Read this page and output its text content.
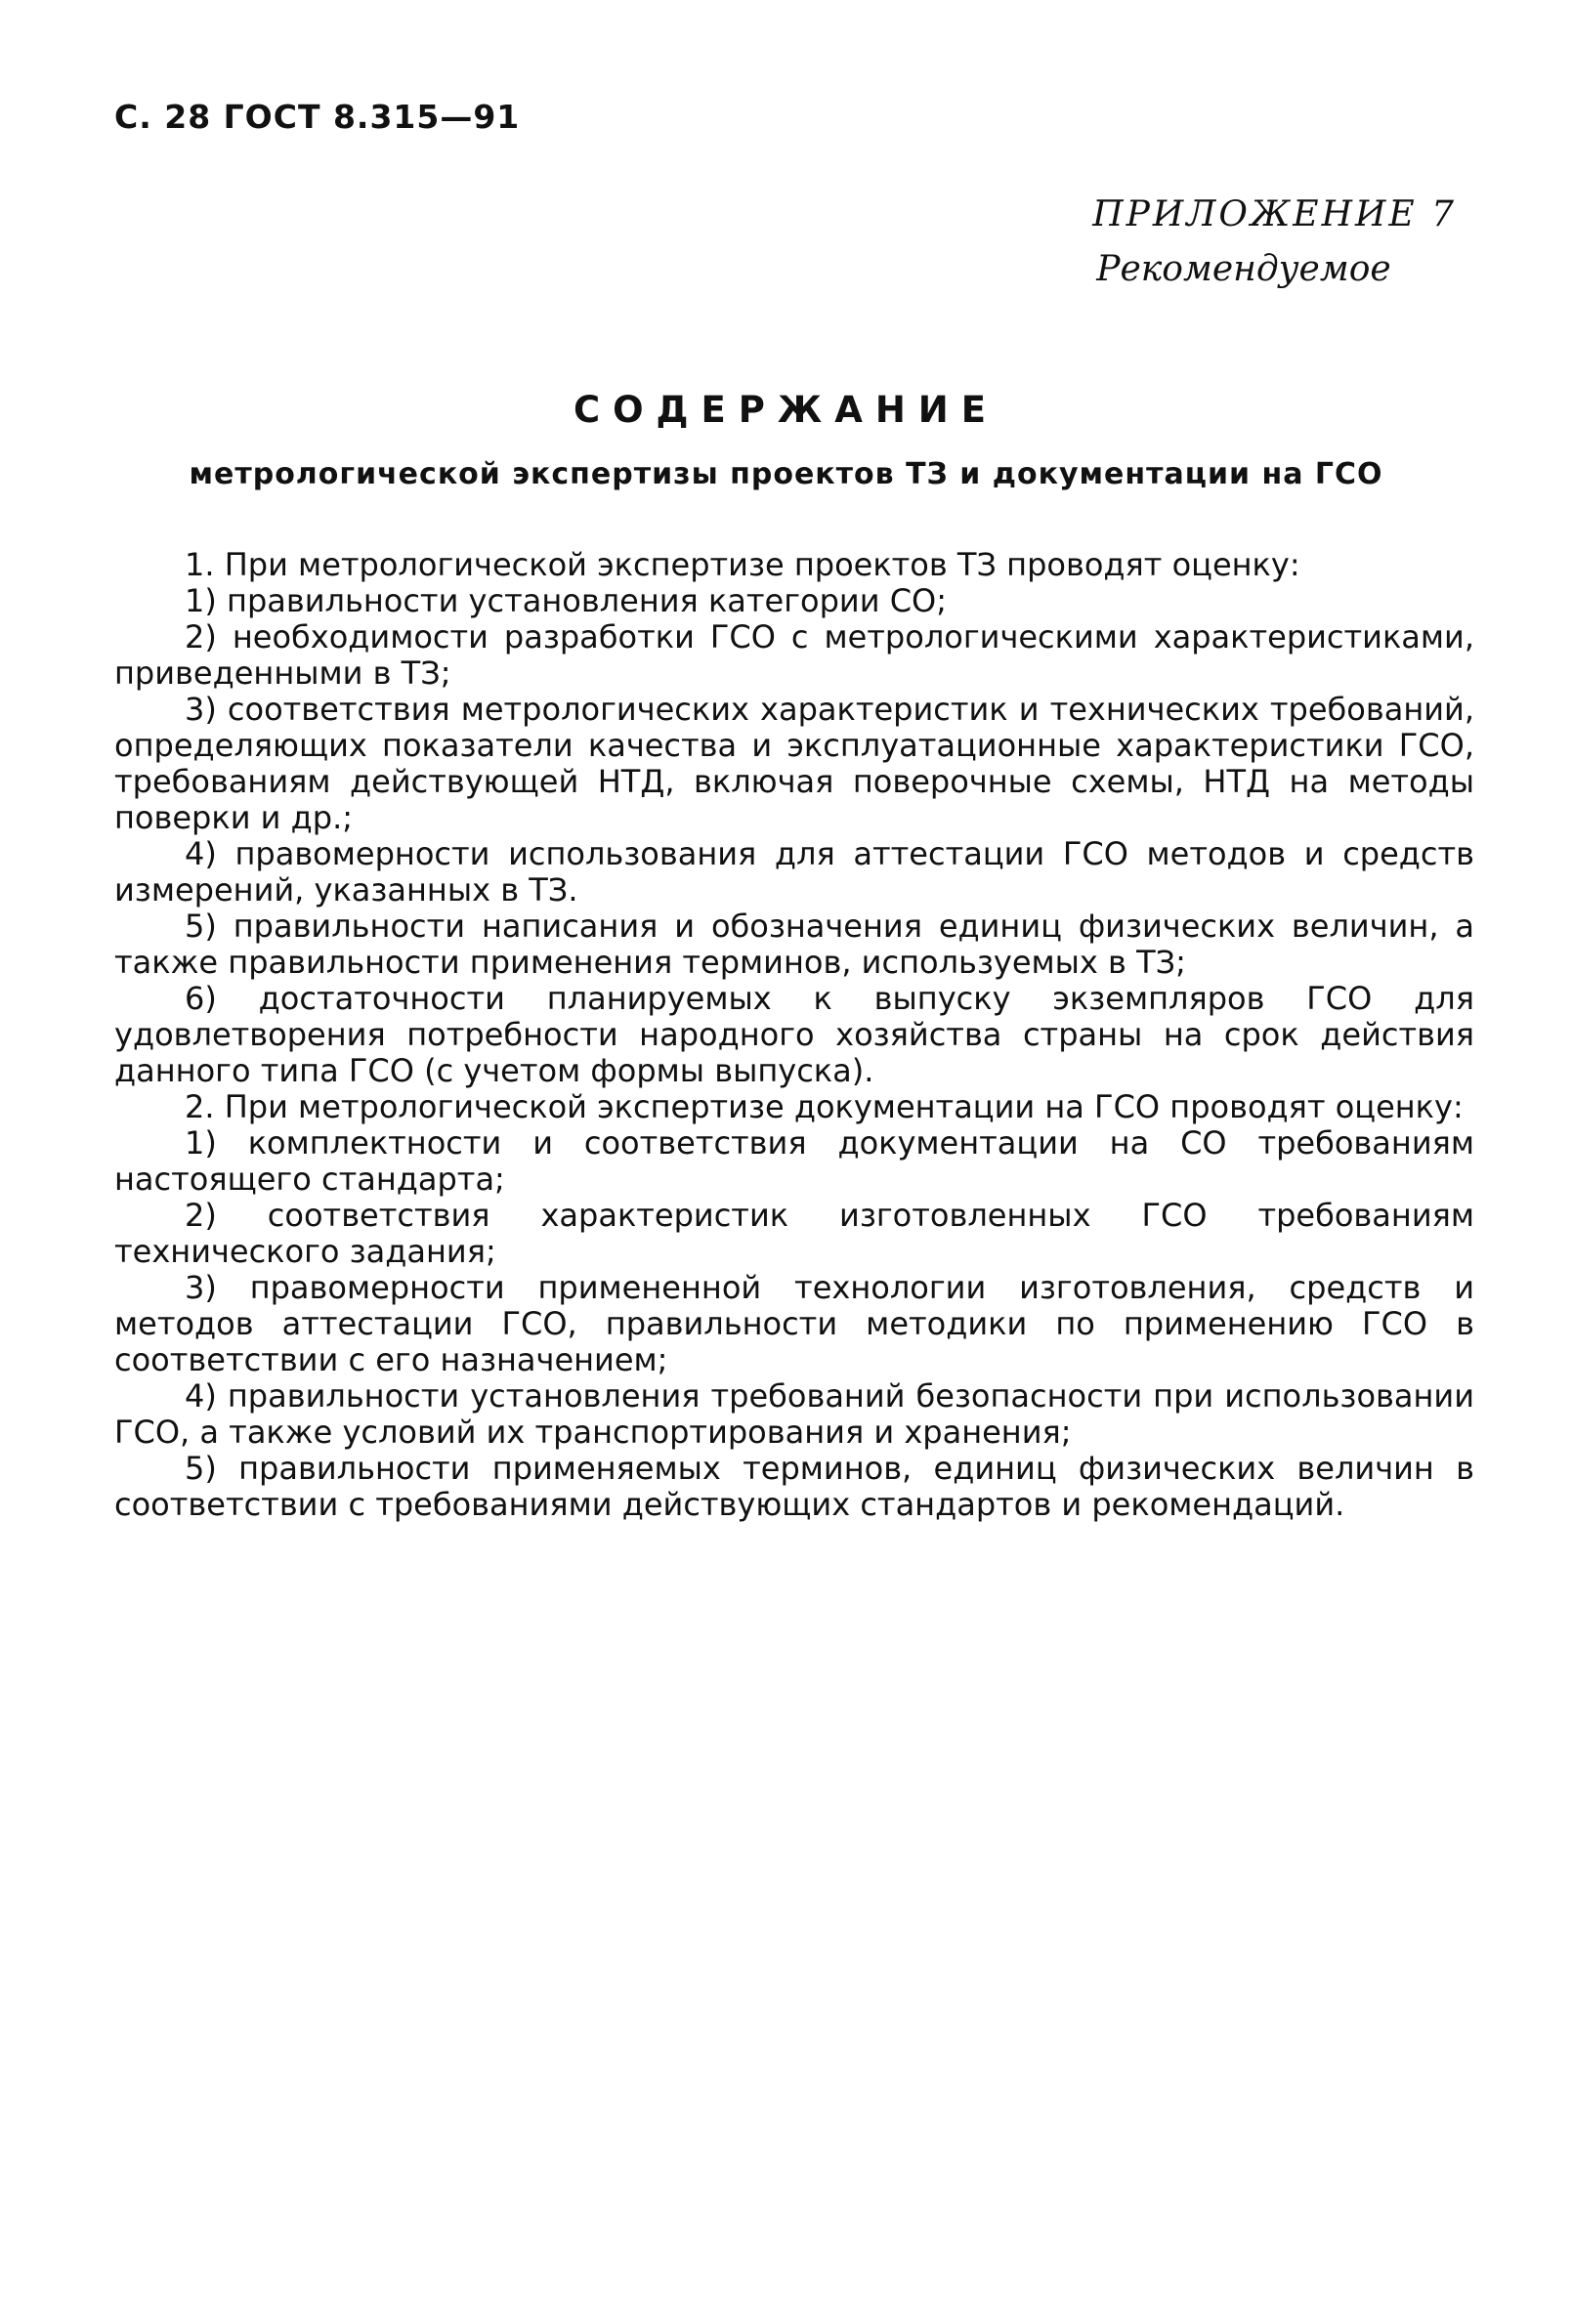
С. 28 ГОСТ 8.315—91
ПРИЛОЖЕНИЕ 7
Рекомендуемое
СОДЕРЖАНИЕ
метрологической экспертизы проектов ТЗ и документации на ГСО

1. При метрологической экспертизе проектов ТЗ проводят оценку:

1) правильности установления категории СО;

2) необходимости разработки ГСО с метрологическими характеристиками, приведенными в ТЗ;

3) соответствия метрологических характеристик и технических требований, определяющих показатели качества и эксплуатационные характеристики ГСО, требованиям действующей НТД, включая поверочные схемы, НТД на методы поверки и др.;

4) правомерности использования для аттестации ГСО методов и средств измерений, указанных в ТЗ.

5) правильности написания и обозначения единиц физических величин, а также правильности применения терминов, используемых в ТЗ;

6) достаточности планируемых к выпуску экземпляров ГСО для удовлетворения потребности народного хозяйства страны на срок действия данного типа ГСО (с учетом формы выпуска).

2. При метрологической экспертизе документации на ГСО проводят оценку:

1) комплектности и соответствия документации на СО требованиям настоящего стандарта;

2) соответствия характеристик изготовленных ГСО требованиям технического задания;

3) правомерности примененной технологии изготовления, средств и методов аттестации ГСО, правильности методики по применению ГСО в соответствии с его назначением;

4) правильности установления требований безопасности при использовании ГСО, а также условий их транспортирования и хранения;

5) правильности применяемых терминов, единиц физических величин в соответствии с требованиями действующих стандартов и рекомендаций.
